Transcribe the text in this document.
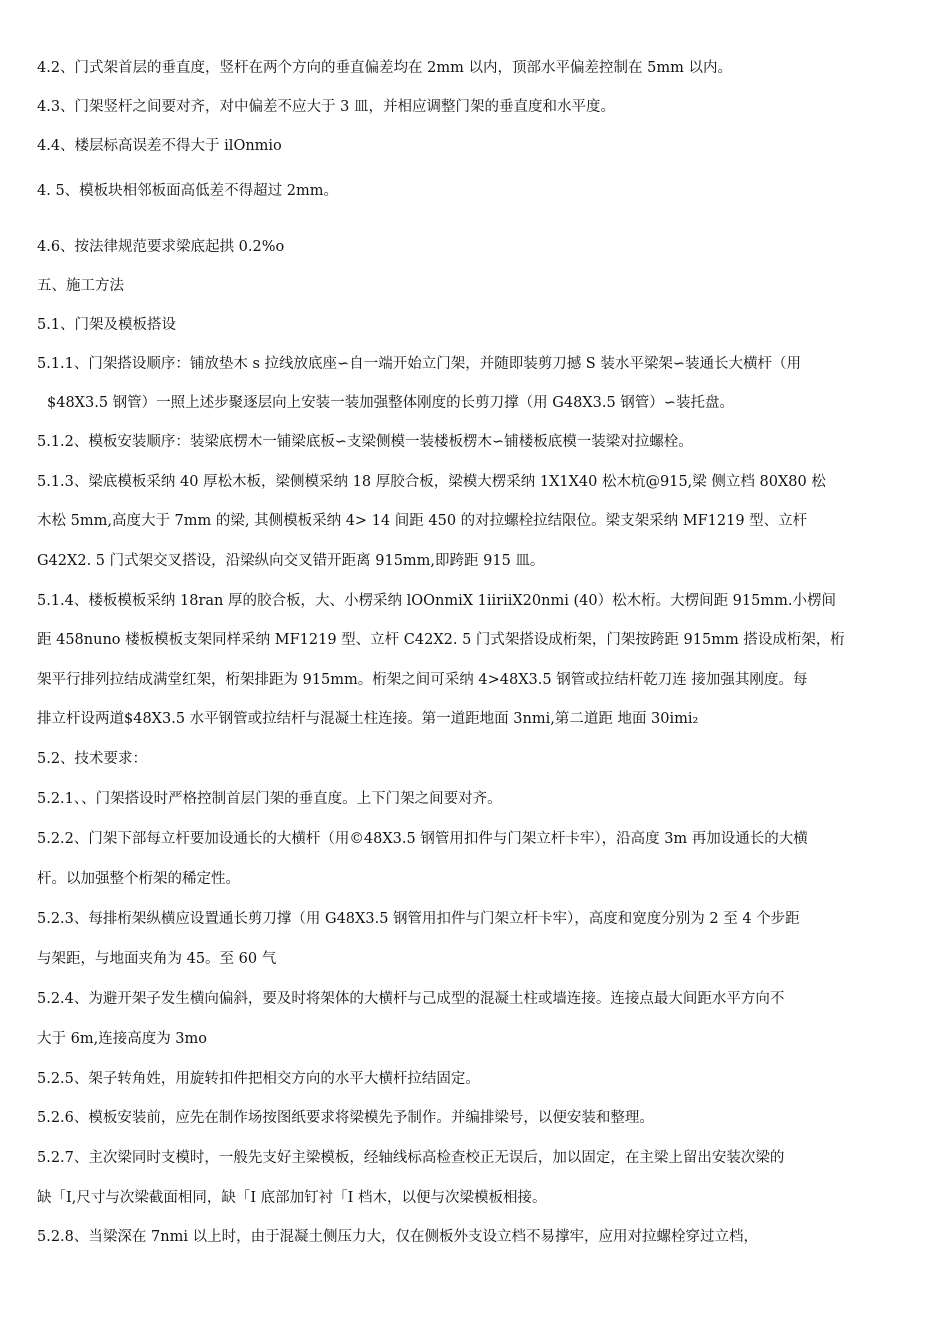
4.2、门式架首层的垂直度，竖杆在两个方向的垂直偏差均在 2mm 以内，顶部水平偏差控制在 5mm 以内。
4.3、门架竖杆之间要对齐，对中偏差不应大于 3 皿，并相应调整门架的垂直度和水平度。
4.4、楼层标高误差不得大于 ilOnmio
4. 5、模板块相邻板面高低差不得超过 2mm。
4.6、按法律规范要求梁底起拱 0.2%o
五、施工方法
5.1、门架及模板搭设
5.1.1、门架搭设顺序：铺放垫木 s 拉线放底座∽自一端开始立门架，并随即装剪刀撼 S 装水平梁架∽装通长大横杆（用
$48X3.5 钢管）一照上述步聚逐层向上安装一装加强整体刚度的长剪刀撑（用 G48X3.5 钢管）∽装托盘。
5.1.2、模板安装顺序：装梁底楞木一铺梁底板∽支梁侧模一装楼板楞木∽铺楼板底模一装梁对拉螺栓。
5.1.3、梁底模板采纳 40 厚松木板，梁侧模采纳 18 厚胶合板，梁模大楞采纳 1X1X40 松木杭@915,梁 侧立档 80X80 松
木松 5mm,高度大于 7mm 的梁, 其侧模板采纳 4> 14 间距 450 的对拉螺栓拉结限位。梁支架采纳 MF1219 型、立杆
G42X2. 5 门式架交叉搭设，沿梁纵向交叉错开距离 915mm,即跨距 915 皿。
5.1.4、楼板模板采纳 18ran 厚的胶合板，大、小楞采纳 lOOnmiX 1iiriiX20nmi (40）松木桁。大楞间距 915mm.小楞间
距 458nuno 楼板模板支架同样采纳 MF1219 型、立杆 C42X2. 5 门式架搭设成桁架，门架按跨距 915mm 搭设成桁架，桁
架平行排列拉结成满堂红架，桁架排距为 915mm。桁架之间可采纳 4>48X3.5 钢管或拉结杆乾刀连 接加强其刚度。每
排立杆设两道$48X3.5 水平钢管或拉结杆与混凝土柱连接。第一道距地面 3nmi,第二道距 地面 30imi₂
5.2、技术要求：
5.2.1、、门架搭设时严格控制首层门架的垂直度。上下门架之间要对齐。
5.2.2、门架下部每立杆要加设通长的大横杆（用©48X3.5 钢管用扣件与门架立杆卡牢），沿高度 3m 再加设通长的大横
杆。以加强整个桁架的稀定性。
5.2.3、每排桁架纵横应设置通长剪刀撑（用 G48X3.5 钢管用扣件与门架立杆卡牢），高度和宽度分别为 2 至 4 个步距
与架距，与地面夹角为 45。至 60 气
5.2.4、为避开架子发生横向偏斜，要及时将架体的大横杆与己成型的混凝土柱或墙连接。连接点最大间距水平方向不
大于 6m,连接高度为 3mo
5.2.5、架子转角姓，用旋转扣件把相交方向的水平大横杆拉结固定。
5.2.6、模板安装前，应先在制作场按图纸要求将梁模先予制作。并编排梁号，以便安装和整理。
5.2.7、主次梁同时支模时，一般先支好主梁模板，经轴线标高检查校正无误后，加以固定，在主梁上留出安装次梁的
缺「I,尺寸与次梁截面相同，缺「I 底部加钉衬「I 档木，以便与次梁模板相接。
5.2.8、当梁深在 7nmi 以上时，由于混凝土侧压力大，仅在侧板外支设立档不易撑牢，应用对拉螺栓穿过立档，
